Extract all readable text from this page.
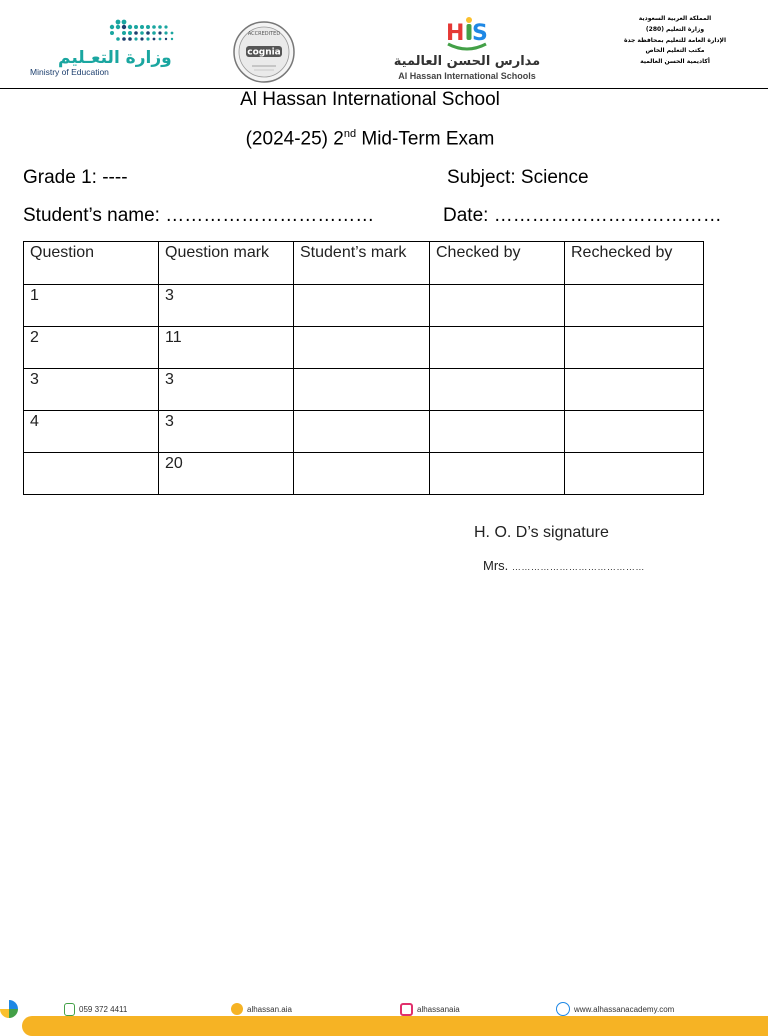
وزارة التعـليم
Ministry of Education
ACCREDITED
cognia
H S
مدارس الحسن العالمية
Al Hassan International Schools
المملكة العربية السعودية
وزارة التعليم (280)
الإدارة العامة للتعليم بمحافظة جدة
مكتب التعليم الخاص
أكاديمية الحسن العالمية
Al Hassan International School
(2024-25) 2nd Mid-Term Exam
Grade 1: ----	Subject: Science
Student’s name: ……………………………	Date: ………………………………
Question	Question mark	Student’s mark	Checked by	Rechecked by
1	3			
2	11			
3	3			
4	3			
	20			
H. O. D’s signature
Mrs. ……………………………………
059 372 4411	alhassan.aia	alhassanaia	www.alhassanacademy.com
